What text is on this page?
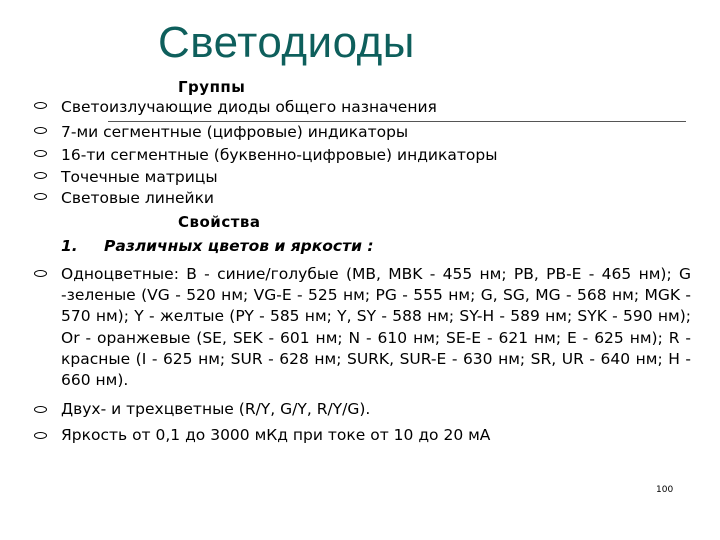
Светодиоды
Группы
Светоизлучающие диоды общего назначения
7-ми сегментные (цифровые) индикаторы
16-ти сегментные (буквенно-цифровые) индикаторы
Точечные матрицы
Световые линейки
Свойства
1. Различных цветов и яркости :
Одноцветные: В - синие/голубые (MB, MBK - 455 нм; PB, PB-E - 465 нм); G -зеленые (VG - 520 нм; VG-E - 525 нм; PG - 555 нм; G, SG, MG - 568 нм; MGK - 570 нм); Y - желтые (PY - 585 нм; Y, SY - 588 нм; SY-H - 589 нм; SYK - 590 нм); Or - оранжевые (SE, SEK - 601 нм; N - 610 нм; SE-E - 621 нм; E - 625 нм); R - красные (I - 625 нм; SUR - 628 нм; SURK, SUR-E - 630 нм; SR, UR - 640 нм; H - 660 нм).
Двух- и трехцветные (R/Y, G/Y, R/Y/G).
Яркость от 0,1 до 3000 мКд при токе от 10 до 20 мА
100
